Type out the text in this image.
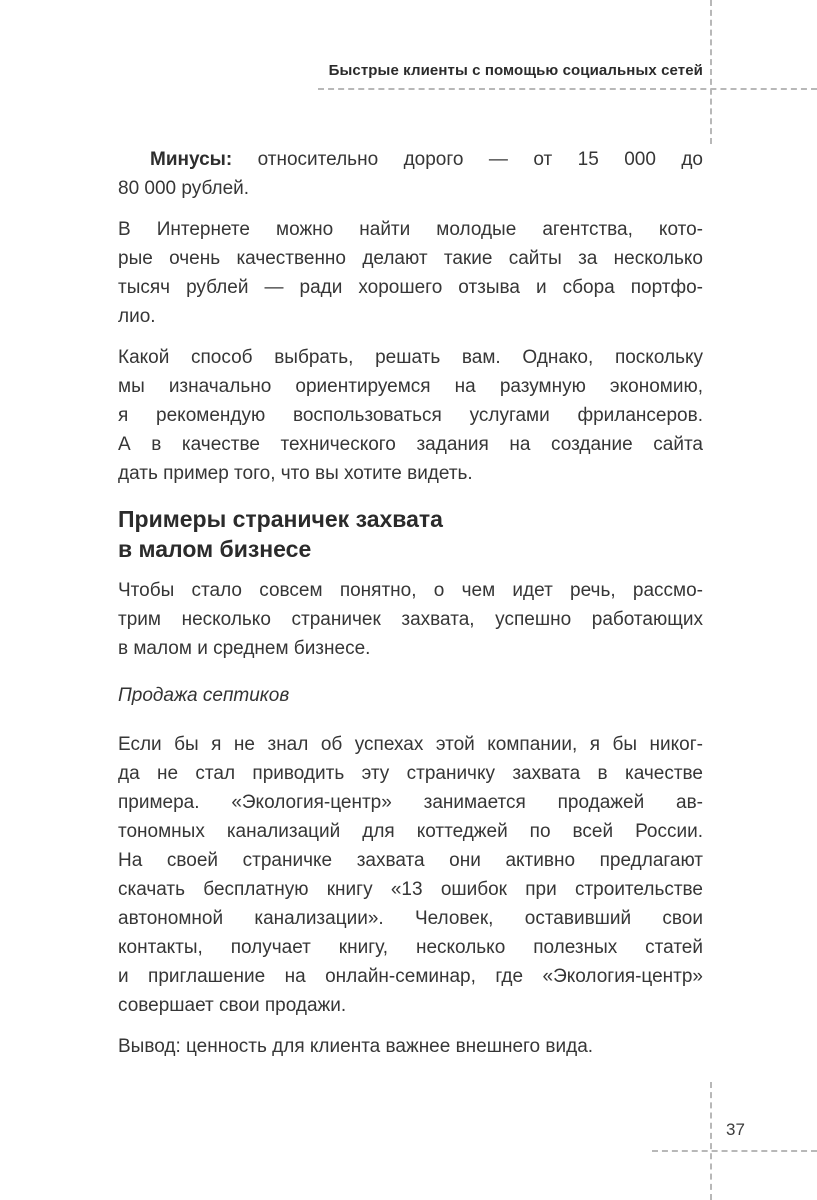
Быстрые клиенты с помощью социальных сетей
Минусы: относительно дорого — от 15 000 до
80 000 рублей.
В Интернете можно найти молодые агентства, кото-
рые очень качественно делают такие сайты за несколько
тысяч рублей — ради хорошего отзыва и сбора портфо-
лио.
Какой способ выбрать, решать вам. Однако, поскольку
мы изначально ориентируемся на разумную экономию,
я рекомендую воспользоваться услугами фрилансеров.
А в качестве технического задания на создание сайта
дать пример того, что вы хотите видеть.
Примеры страничек захвата
в малом бизнесе
Чтобы стало совсем понятно, о чем идет речь, рассмо-
трим несколько страничек захвата, успешно работающих
в малом и среднем бизнесе.
Продажа септиков
Если бы я не знал об успехах этой компании, я бы никог-
да не стал приводить эту страничку захвата в качестве
примера. «Экология-центр» занимается продажей ав-
тономных канализаций для коттеджей по всей России.
На своей страничке захвата они активно предлагают
скачать бесплатную книгу «13 ошибок при строительстве
автономной канализации». Человек, оставивший свои
контакты, получает книгу, несколько полезных статей
и приглашение на онлайн-семинар, где «Экология-центр»
совершает свои продажи.
Вывод: ценность для клиента важнее внешнего вида.
37
